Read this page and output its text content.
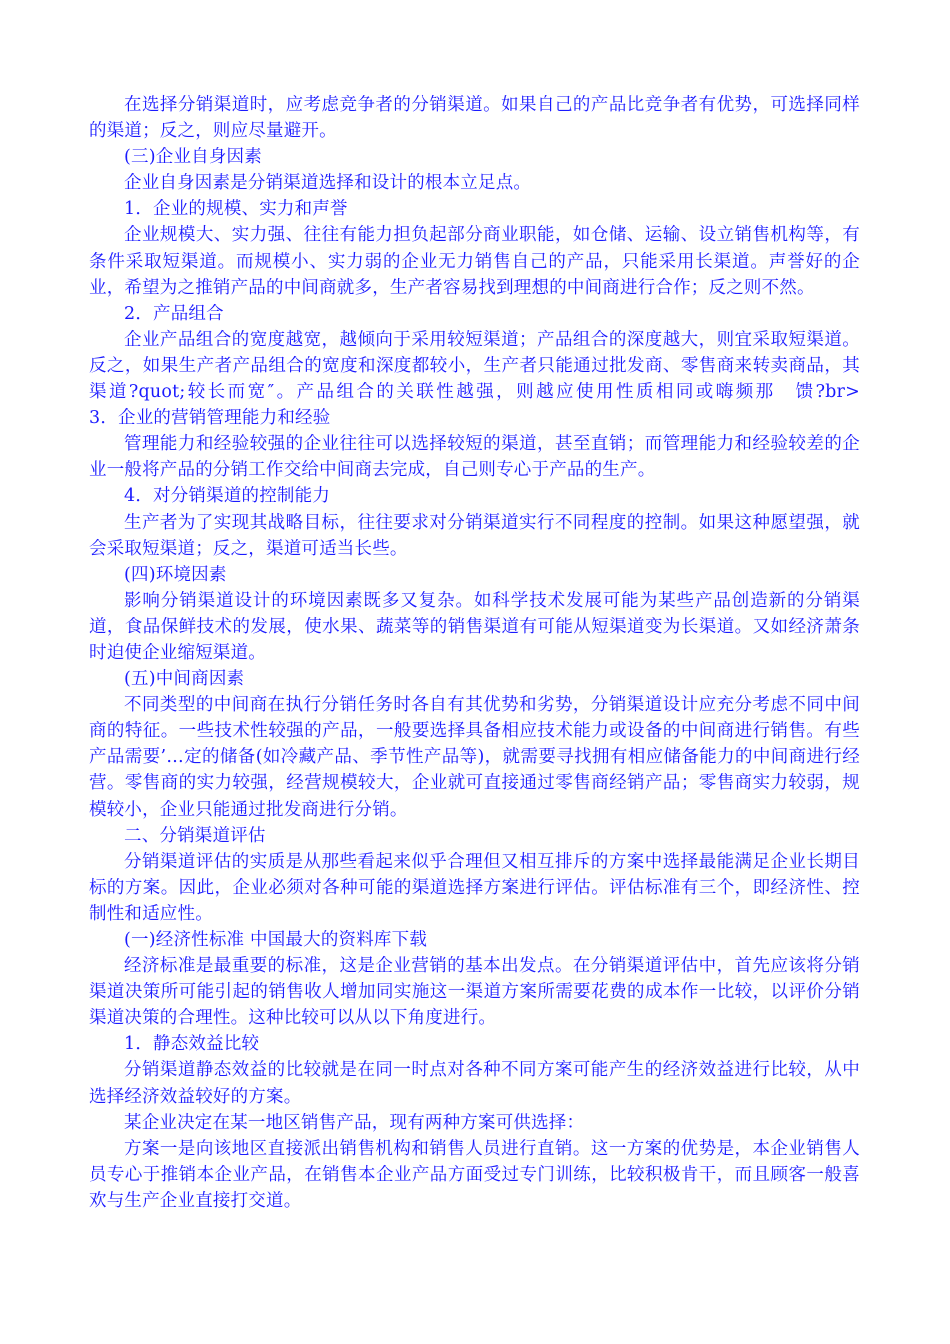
在选择分销渠道时，应考虑竞争者的分销渠道。如果自己的产品比竞争者有优势，可选择同样的渠道；反之，则应尽量避开。

(三)企业自身因素

企业自身因素是分销渠道选择和设计的根本立足点。

1．企业的规模、实力和声誉

企业规模大、实力强、往往有能力担负起部分商业职能，如仓储、运输、设立销售机构等，有条件采取短渠道。而规模小、实力弱的企业无力销售自己的产品，只能采用长渠道。声誉好的企业，希望为之推销产品的中间商就多，生产者容易找到理想的中间商进行合作；反之则不然。

2．产品组合

企业产品组合的宽度越宽，越倾向于采用较短渠道；产品组合的深度越大，则宜采取短渠道。反之，如果生产者产品组合的宽度和深度都较小，生产者只能通过批发商、零售商来转卖商品，其渠道?quot;较长而宽″。产品组合的关联性越强，则越应使用性质相同或嗨频那　馈?br>　　　　3．企业的营销管理能力和经验

管理能力和经验较强的企业往往可以选择较短的渠道，甚至直销；而管理能力和经验较差的企业一般将产品的分销工作交给中间商去完成，自己则专心于产品的生产。

4．对分销渠道的控制能力

生产者为了实现其战略目标，往往要求对分销渠道实行不同程度的控制。如果这种愿望强，就会采取短渠道；反之，渠道可适当长些。

(四)环境因素

影响分销渠道设计的环境因素既多又复杂。如科学技术发展可能为某些产品创造新的分销渠道，食品保鲜技术的发展，使水果、蔬菜等的销售渠道有可能从短渠道变为长渠道。又如经济萧条时迫使企业缩短渠道。

(五)中间商因素

不同类型的中间商在执行分销任务时各自有其优势和劣势，分销渠道设计应充分考虑不同中间商的特征。一些技术性较强的产品，一般要选择具备相应技术能力或设备的中间商进行销售。有些产品需要’…定的储备(如冷藏产品、季节性产品等)，就需要寻找拥有相应储备能力的中间商进行经营。零售商的实力较强，经营规模较大，企业就可直接通过零售商经销产品；零售商实力较弱，规模较小，企业只能通过批发商进行分销。

二、分销渠道评估

分销渠道评估的实质是从那些看起来似乎合理但又相互排斥的方案中选择最能满足企业长期目标的方案。因此，企业必须对各种可能的渠道选择方案进行评估。评估标准有三个，即经济性、控制性和适应性。

(一)经济性标准 中国最大的资料库下载

经济标准是最重要的标准，这是企业营销的基本出发点。在分销渠道评估中，首先应该将分销渠道决策所可能引起的销售收人增加同实施这一渠道方案所需要花费的成本作一比较，以评价分销渠道决策的合理性。这种比较可以从以下角度进行。

1．静态效益比较

分销渠道静态效益的比较就是在同一时点对各种不同方案可能产生的经济效益进行比较，从中选择经济效益较好的方案。

某企业决定在某一地区销售产品，现有两种方案可供选择：

方案一是向该地区直接派出销售机构和销售人员进行直销。这一方案的优势是，本企业销售人员专心于推销本企业产品，在销售本企业产品方面受过专门训练，比较积极肯干，而且顾客一般喜欢与生产企业直接打交道。
